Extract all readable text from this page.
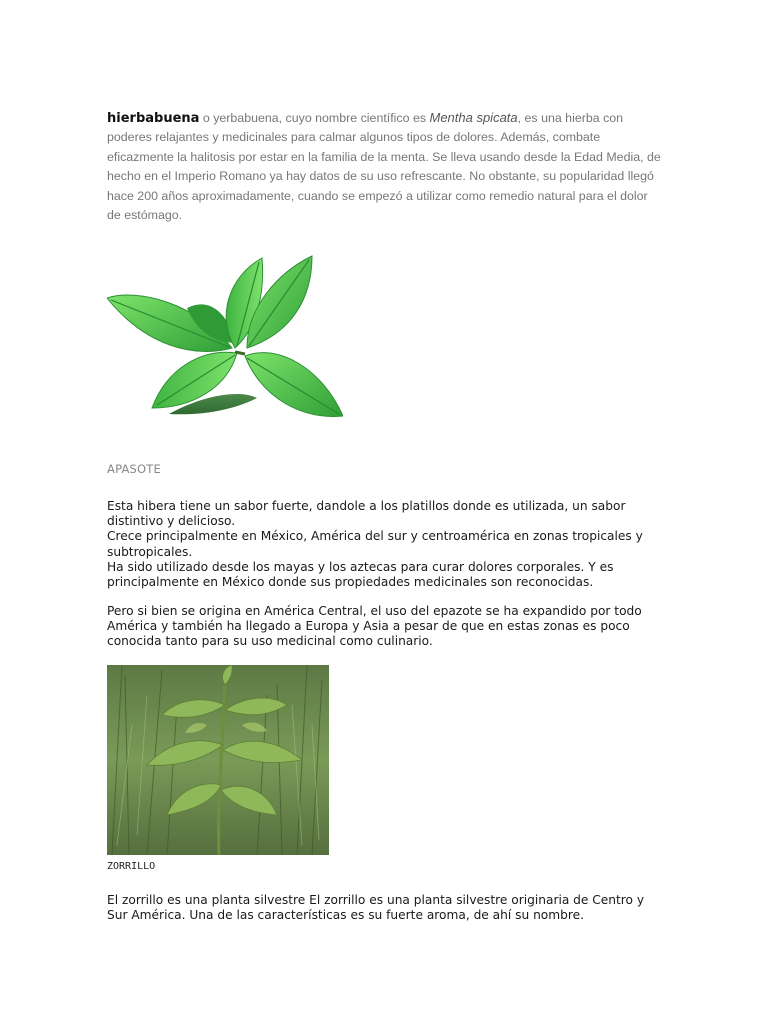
hierbabuena o yerbabuena, cuyo nombre científico es Mentha spicata, es una hierba con poderes relajantes y medicinales para calmar algunos tipos de dolores. Además, combate eficazmente la halitosis por estar en la familia de la menta. Se lleva usando desde la Edad Media, de hecho en el Imperio Romano ya hay datos de su uso refrescante. No obstante, su popularidad llegó hace 200 años aproximadamente, cuando se empezó a utilizar como remedio natural para el dolor de estómago.
APASOTE

Esta hibera tiene un sabor fuerte, dandole a los platillos donde es utilizada, un sabor distintivo y delicioso.

Crece principalmente en México, América del sur y centroamérica en zonas tropicales y subtropicales.

Ha sido utilizado desde los mayas y los aztecas para curar dolores corporales. Y es principalmente en México donde sus propiedades medicinales son reconocidas.

Pero si bien se origina en América Central, el uso del epazote se ha expandido por todo América y también ha llegado a Europa y Asia a pesar de que en estas zonas es poco conocida tanto para su uso medicinal como culinario.

ZORRILLO

El zorrillo es una planta silvestre El zorrillo es una planta silvestre originaria de Centro y Sur América. Una de las características es su fuerte aroma, de ahí su nombre.
